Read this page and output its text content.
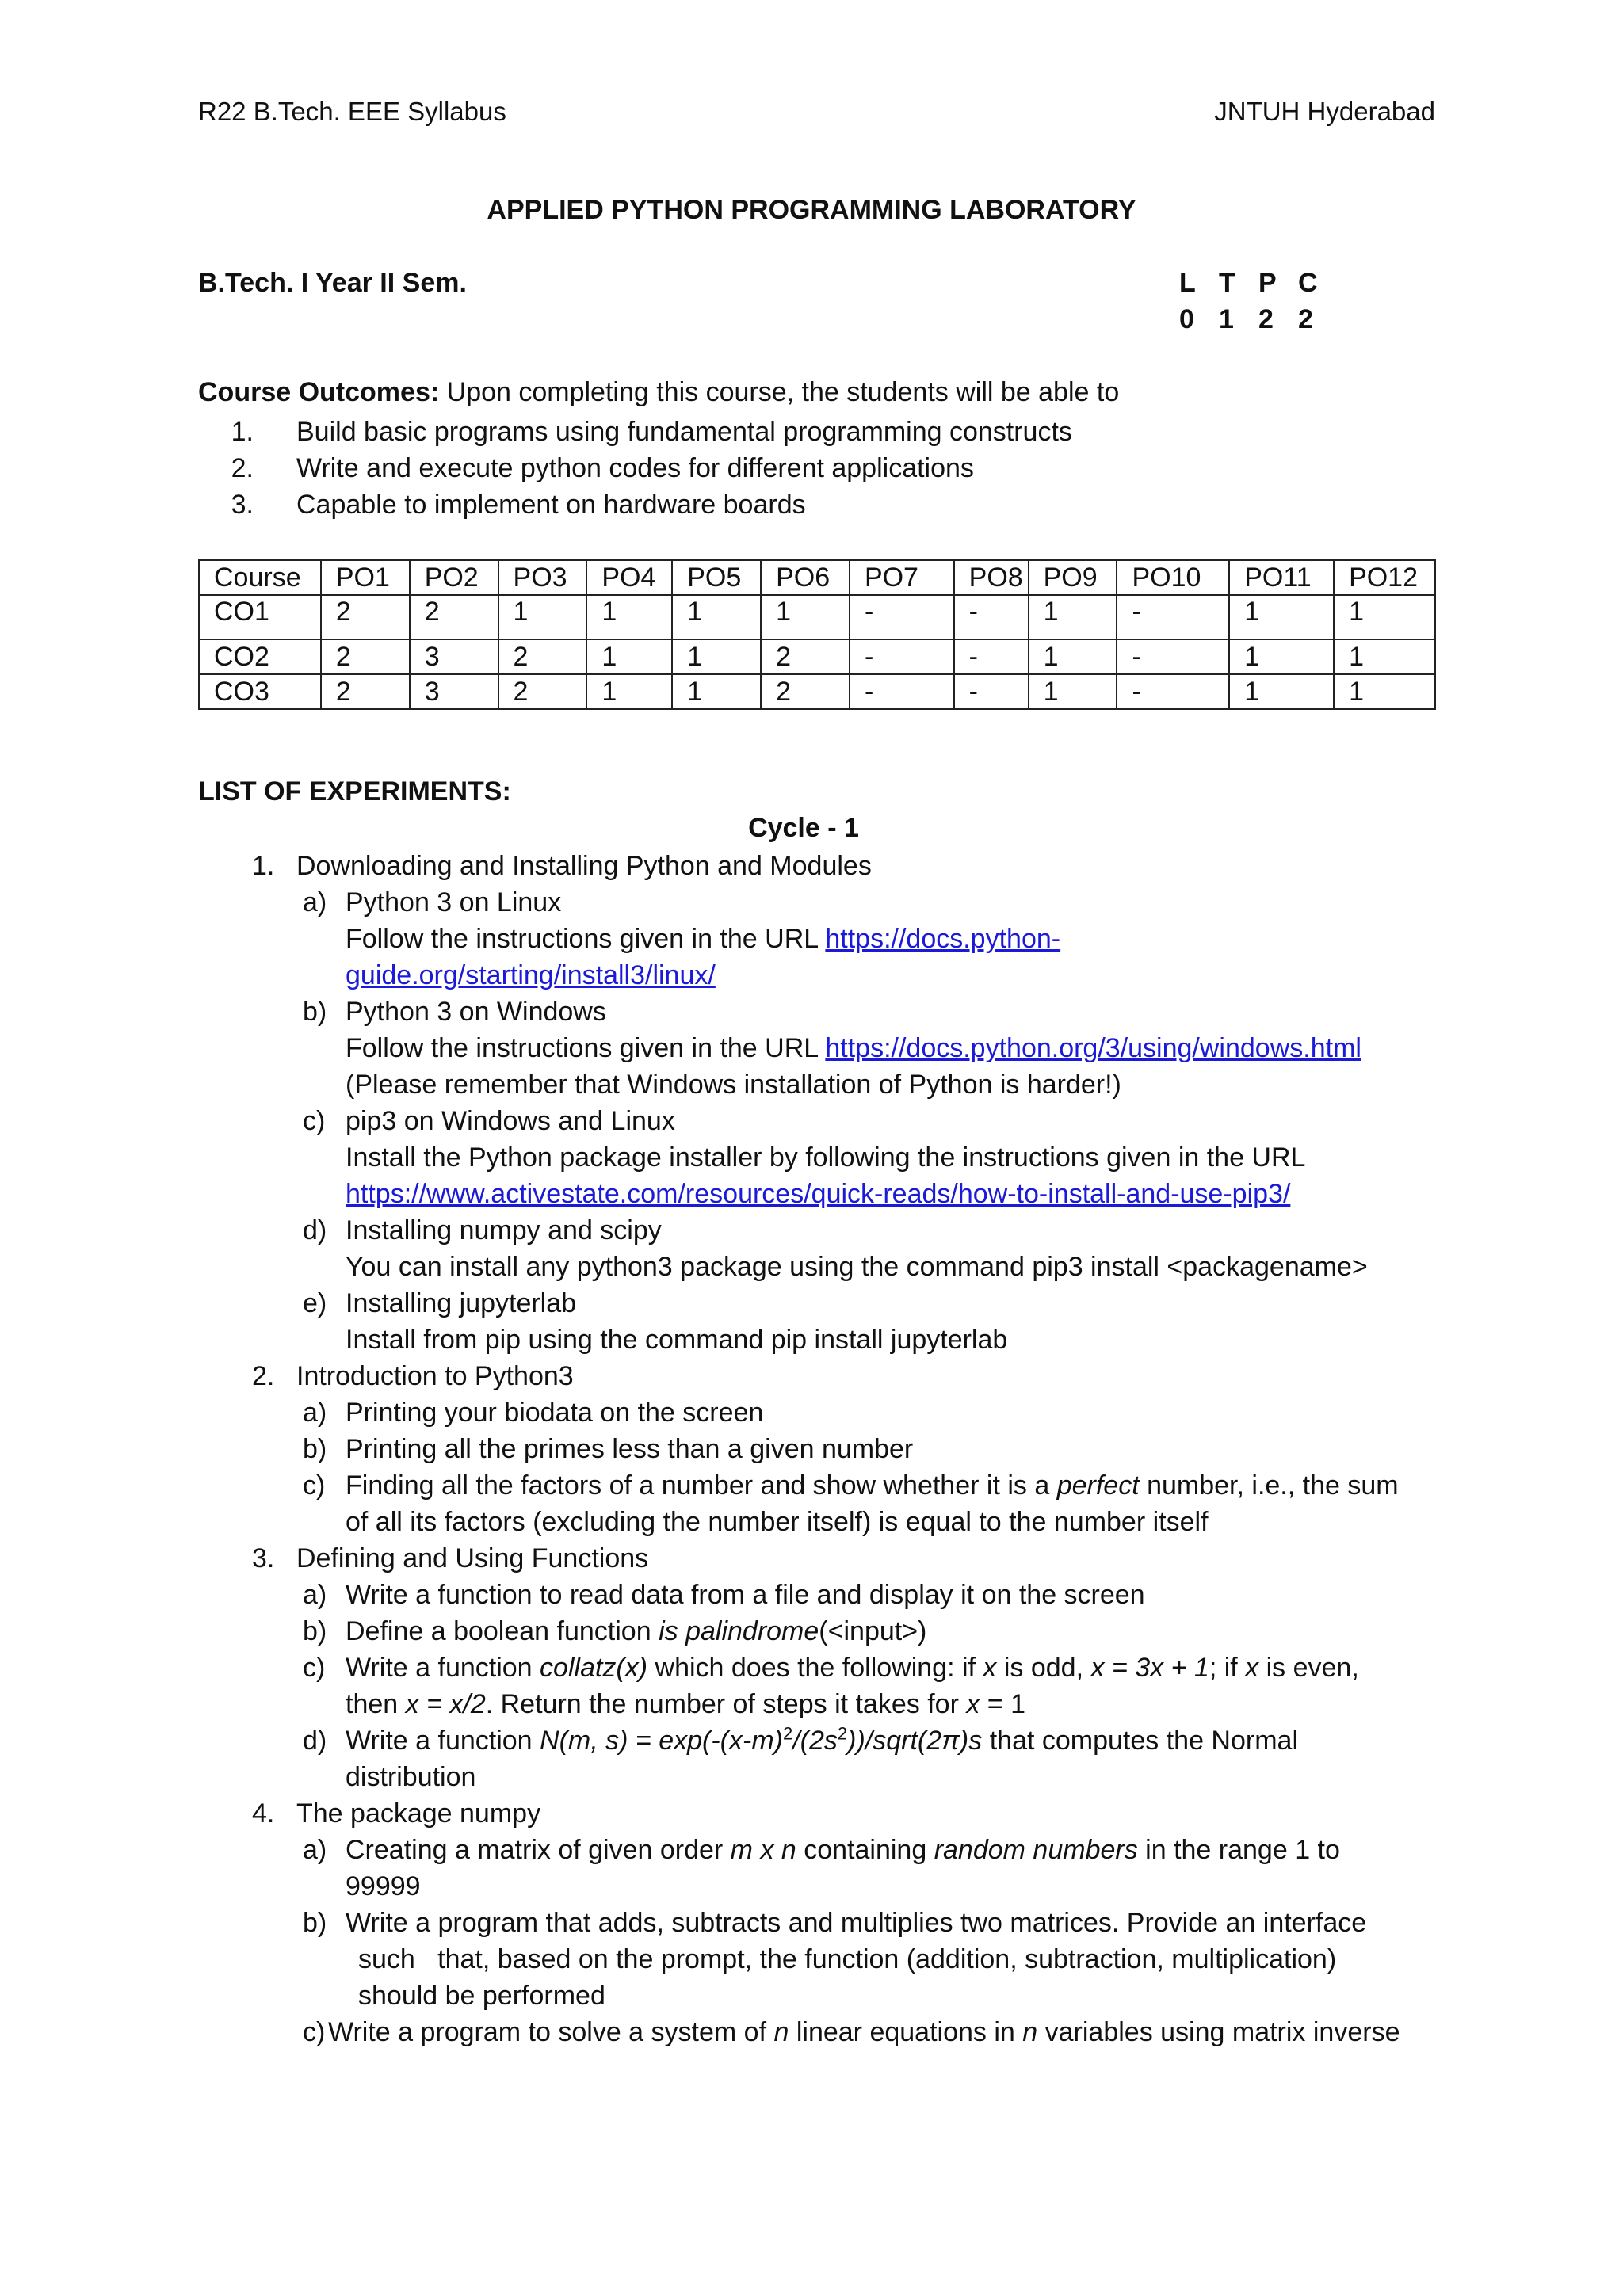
R22 B.Tech. EEE Syllabus	JNTUH Hyderabad
APPLIED PYTHON PROGRAMMING LABORATORY
B.Tech. I Year II Sem.	L T P C
0 1 2 2
Course Outcomes: Upon completing this course, the students will be able to
1. Build basic programs using fundamental programming constructs
2. Write and execute python codes for different applications
3. Capable to implement on hardware boards
Course	PO1	PO2	PO3	PO4	PO5	PO6	PO7	PO8	PO9	PO10	PO11	PO12
CO1	2	2	1	1	1	1	-	-	1	-	1	1
CO2	2	3	2	1	1	2	-	-	1	-	1	1
CO3	2	3	2	1	1	2	-	-	1	-	1	1
LIST OF EXPERIMENTS:
Cycle - 1
1. Downloading and Installing Python and Modules
a) Python 3 on Linux
Follow the instructions given in the URL https://docs.python-
guide.org/starting/install3/linux/
b) Python 3 on Windows
Follow the instructions given in the URL https://docs.python.org/3/using/windows.html
(Please remember that Windows installation of Python is harder!)
c) pip3 on Windows and Linux
Install the Python package installer by following the instructions given in the URL
https://www.activestate.com/resources/quick-reads/how-to-install-and-use-pip3/
d) Installing numpy and scipy
You can install any python3 package using the command pip3 install <packagename>
e) Installing jupyterlab
Install from pip using the command pip install jupyterlab
2. Introduction to Python3
a) Printing your biodata on the screen
b) Printing all the primes less than a given number
c) Finding all the factors of a number and show whether it is a perfect number, i.e., the sum
of all its factors (excluding the number itself) is equal to the number itself
3. Defining and Using Functions
a) Write a function to read data from a file and display it on the screen
b) Define a boolean function is palindrome(<input>)
c) Write a function collatz(x) which does the following: if x is odd, x = 3x + 1; if x is even,
then x = x/2. Return the number of steps it takes for x = 1
d) Write a function N(m, $s) = \exp(-(x-m)^2/(2s^2))/sqrt(2\pi)s$ that computes the Normal
distribution
4. The package numpy
a) Creating a matrix of given order m x n containing random numbers in the range 1 to
99999
b) Write a program that adds, subtracts and multiplies two matrices. Provide an interface
such   that, based on the prompt, the function (addition, subtraction, multiplication)
should be performed
c) Write a program to solve a system of n linear equations in n variables using matrix inverse
